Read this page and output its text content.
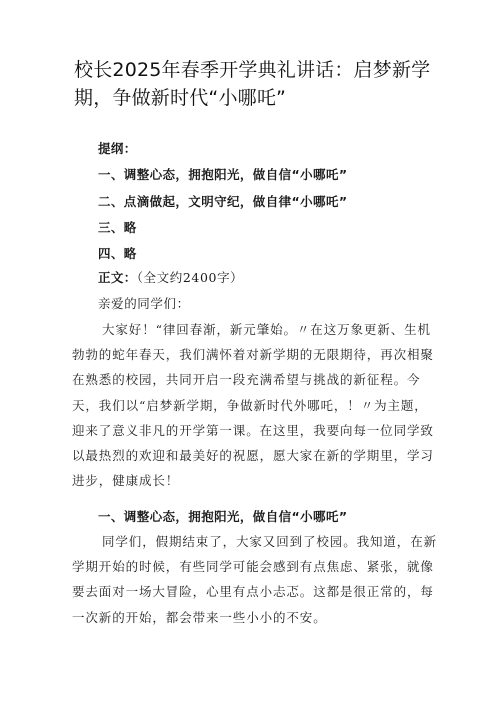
校长2025年春季开学典礼讲话：启梦新学
期，争做新时代“小哪吒”
提纲：
一、调整心态，拥抱阳光，做自信“小哪吒”
二、点滴做起，文明守纪，做自律“小哪吒”
三、略
四、略
正文：（全文约2400字）
亲爱的同学们：
大家好！“律回春渐，新元肇始。〃在这万象更新、生机
勃勃的蛇年春天，我们满怀着对新学期的无限期待，再次相聚
在熟悉的校园，共同开启一段充满希望与挑战的新征程。今
天，我们以“启梦新学期，争做新时代外哪吒，！〃为主题，
迎来了意义非凡的开学第一课。在这里，我要向每一位同学致
以最热烈的欢迎和最美好的祝愿，愿大家在新的学期里，学习
进步，健康成长！
一、调整心态，拥抱阳光，做自信“小哪吒”
同学们，假期结束了，大家又回到了校园。我知道，在新
学期开始的时候，有些同学可能会感到有点焦虑、紧张，就像
要去面对一场大冒险，心里有点小忐忑。这都是很正常的，每
一次新的开始，都会带来一些小小的不安。
